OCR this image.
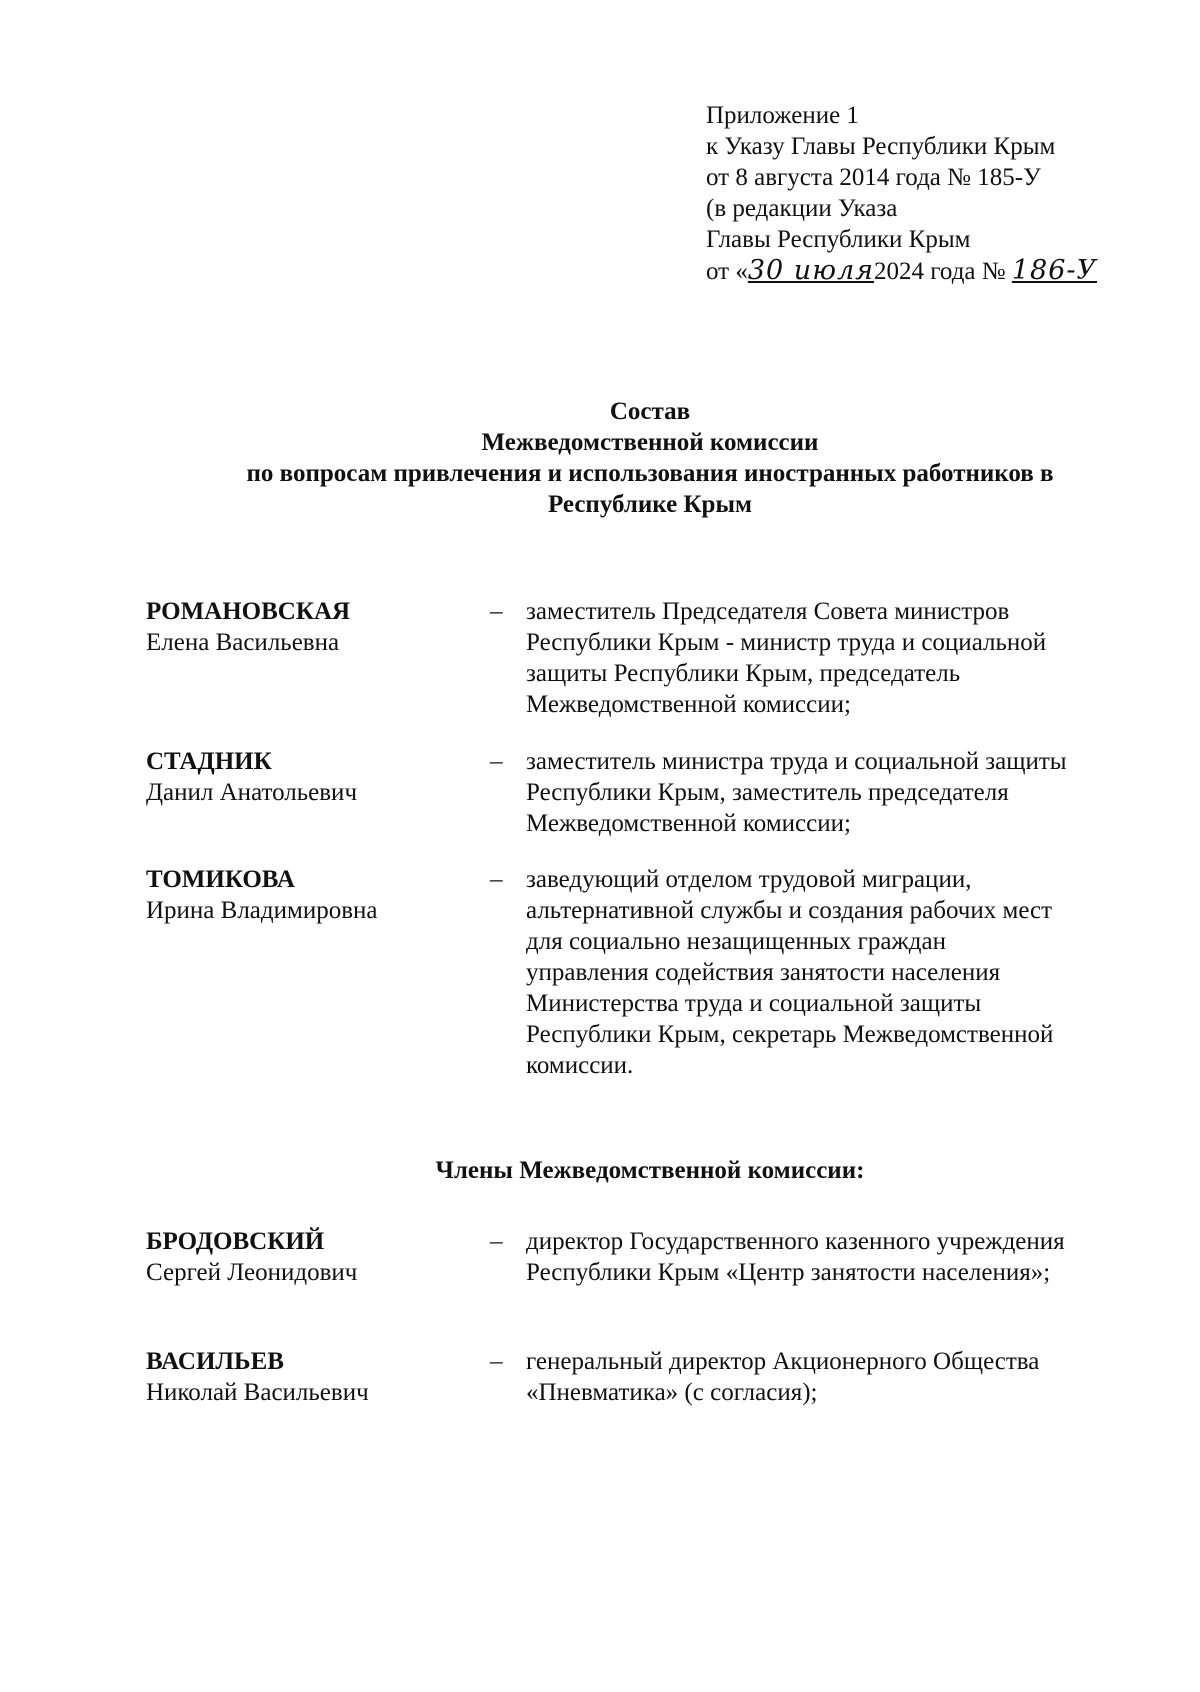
Приложение 1
к Указу Главы Республики Крым
от 8 августа 2014 года № 185-У
(в редакции Указа
Главы Республики Крым
от «30 июля2024 года № 186-У
Состав
Межведомственной комиссии
по вопросам привлечения и использования иностранных работников в
Республике Крым
РОМАНОВСКАЯ
Елена Васильевна
– заместитель Председателя Совета министров
Республики Крым - министр труда и социальной
защиты Республики Крым, председатель
Межведомственной комиссии;
СТАДНИК
Данил Анатольевич
– заместитель министра труда и социальной защиты
Республики Крым, заместитель председателя
Межведомственной комиссии;
ТОМИКОВА
Ирина Владимировна
– заведующий отделом трудовой миграции,
альтернативной службы и создания рабочих мест
для социально незащищенных граждан
управления содействия занятости населения
Министерства труда и социальной защиты
Республики Крым, секретарь Межведомственной
комиссии.
Члены Межведомственной комиссии:
БРОДОВСКИЙ
Сергей Леонидович
– директор Государственного казенного учреждения
Республики Крым «Центр занятости населения»;
ВАСИЛЬЕВ
Николай Васильевич
– генеральный директор Акционерного Общества
«Пневматика» (с согласия);
